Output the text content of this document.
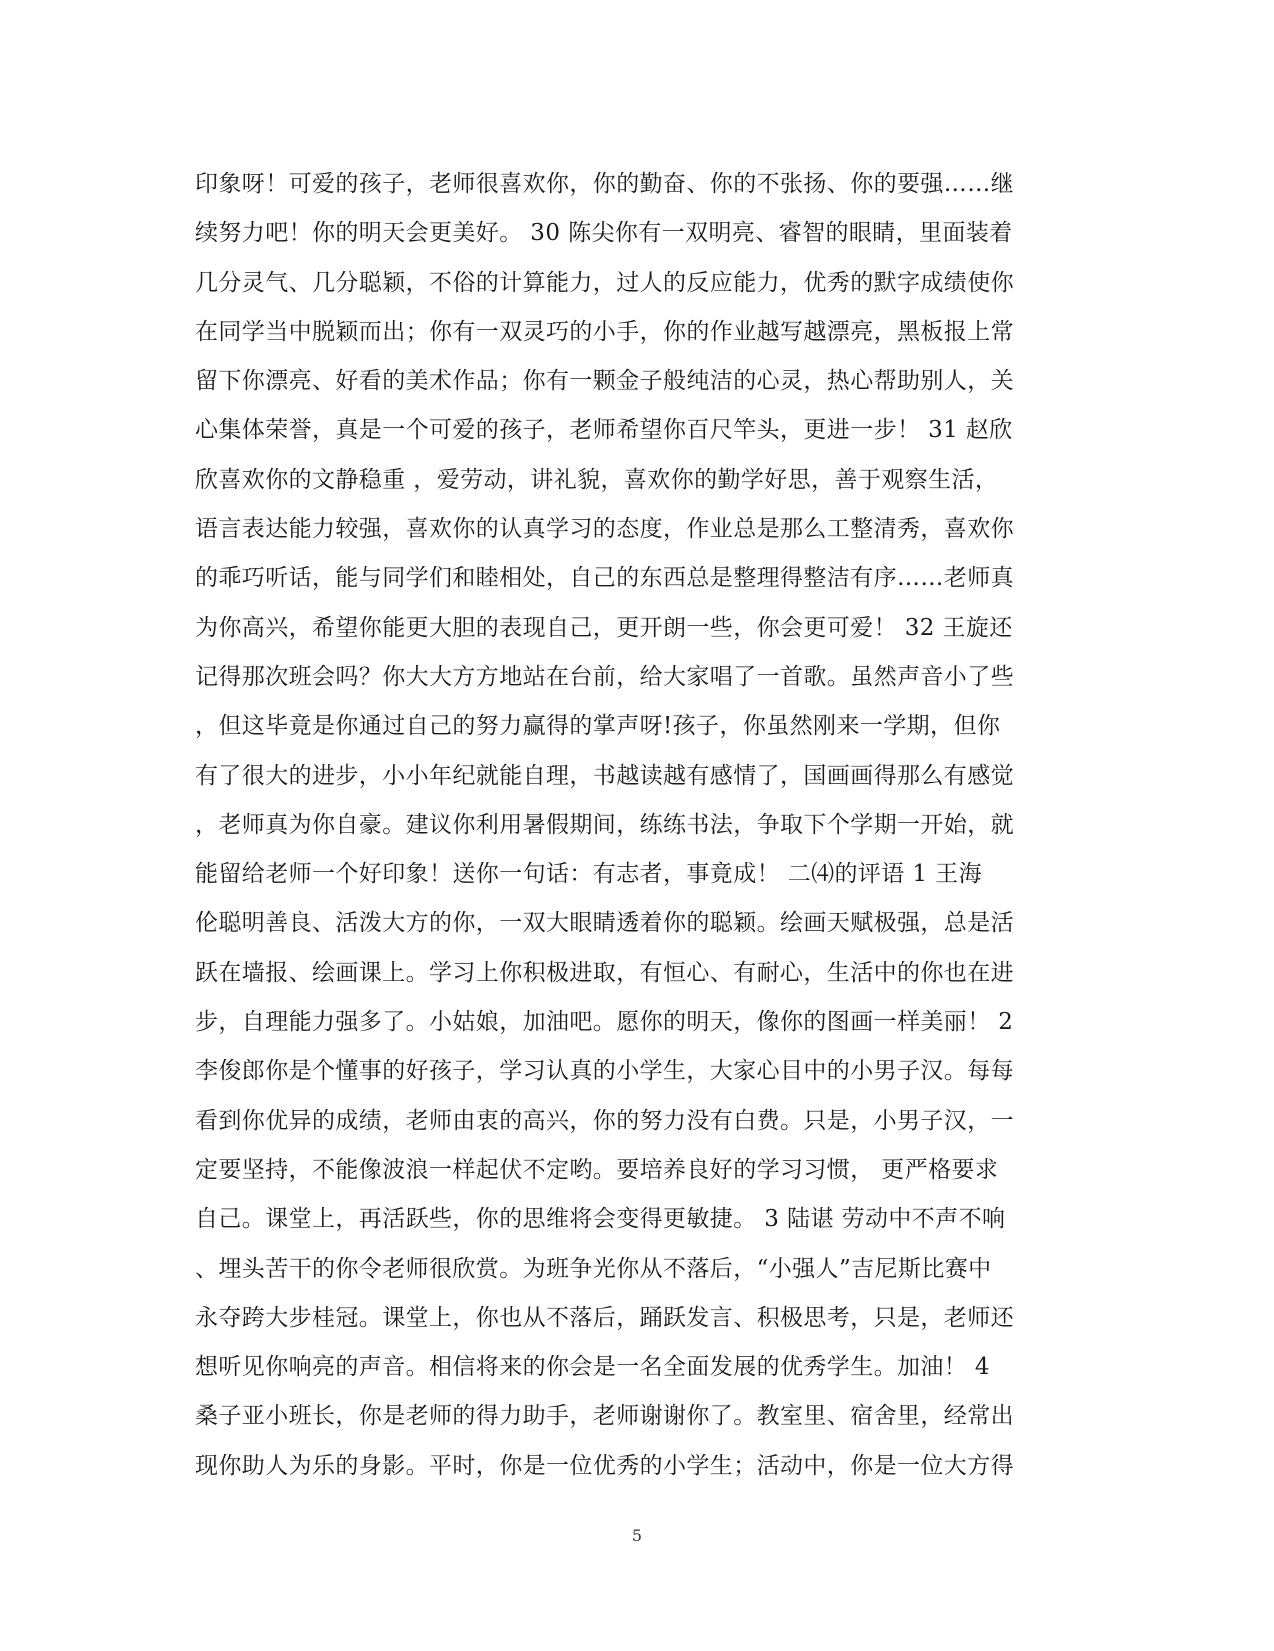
印象呀！可爱的孩子，老师很喜欢你，你的勤奋、你的不张扬、你的要强……继
续努力吧！你的明天会更美好。 30 陈尖你有一双明亮、睿智的眼睛，里面装着
几分灵气、几分聪颖，不俗的计算能力，过人的反应能力，优秀的默字成绩使你
在同学当中脱颖而出；你有一双灵巧的小手，你的作业越写越漂亮，黑板报上常
留下你漂亮、好看的美术作品；你有一颗金子般纯洁的心灵，热心帮助别人，关
心集体荣誉，真是一个可爱的孩子，老师希望你百尺竿头，更进一步！ 31 赵欣
欣喜欢你的文静稳重 ，爱劳动，讲礼貌，喜欢你的勤学好思，善于观察生活，
语言表达能力较强，喜欢你的认真学习的态度，作业总是那么工整清秀，喜欢你
的乖巧听话，能与同学们和睦相处，自己的东西总是整理得整洁有序……老师真
为你高兴，希望你能更大胆的表现自己，更开朗一些，你会更可爱！ 32 王旋还
记得那次班会吗？你大大方方地站在台前，给大家唱了一首歌。虽然声音小了些
，但这毕竟是你通过自己的努力赢得的掌声呀!孩子，你虽然刚来一学期，但你
有了很大的进步，小小年纪就能自理，书越读越有感情了，国画画得那么有感觉
，老师真为你自豪。建议你利用暑假期间，练练书法，争取下个学期一开始，就
能留给老师一个好印象！送你一句话：有志者，事竟成！ 二⑷的评语 1 王海
伦聪明善良、活泼大方的你，一双大眼睛透着你的聪颖。绘画天赋极强，总是活
跃在墙报、绘画课上。学习上你积极进取，有恒心、有耐心，生活中的你也在进
步，自理能力强多了。小姑娘，加油吧。愿你的明天，像你的图画一样美丽！ 2
李俊郎你是个懂事的好孩子，学习认真的小学生，大家心目中的小男子汉。每每
看到你优异的成绩，老师由衷的高兴，你的努力没有白费。只是，小男子汉，一
定要坚持，不能像波浪一样起伏不定哟。要培养良好的学习习惯， 更严格要求
自己。课堂上，再活跃些，你的思维将会变得更敏捷。 3 陆谌 劳动中不声不响
、埋头苦干的你令老师很欣赏。为班争光你从不落后，“小强人”吉尼斯比赛中
永夺跨大步桂冠。课堂上，你也从不落后，踊跃发言、积极思考，只是，老师还
想听见你响亮的声音。相信将来的你会是一名全面发展的优秀学生。加油！ 4
桑子亚小班长，你是老师的得力助手，老师谢谢你了。教室里、宿舍里，经常出
现你助人为乐的身影。平时，你是一位优秀的小学生；活动中，你是一位大方得
5
